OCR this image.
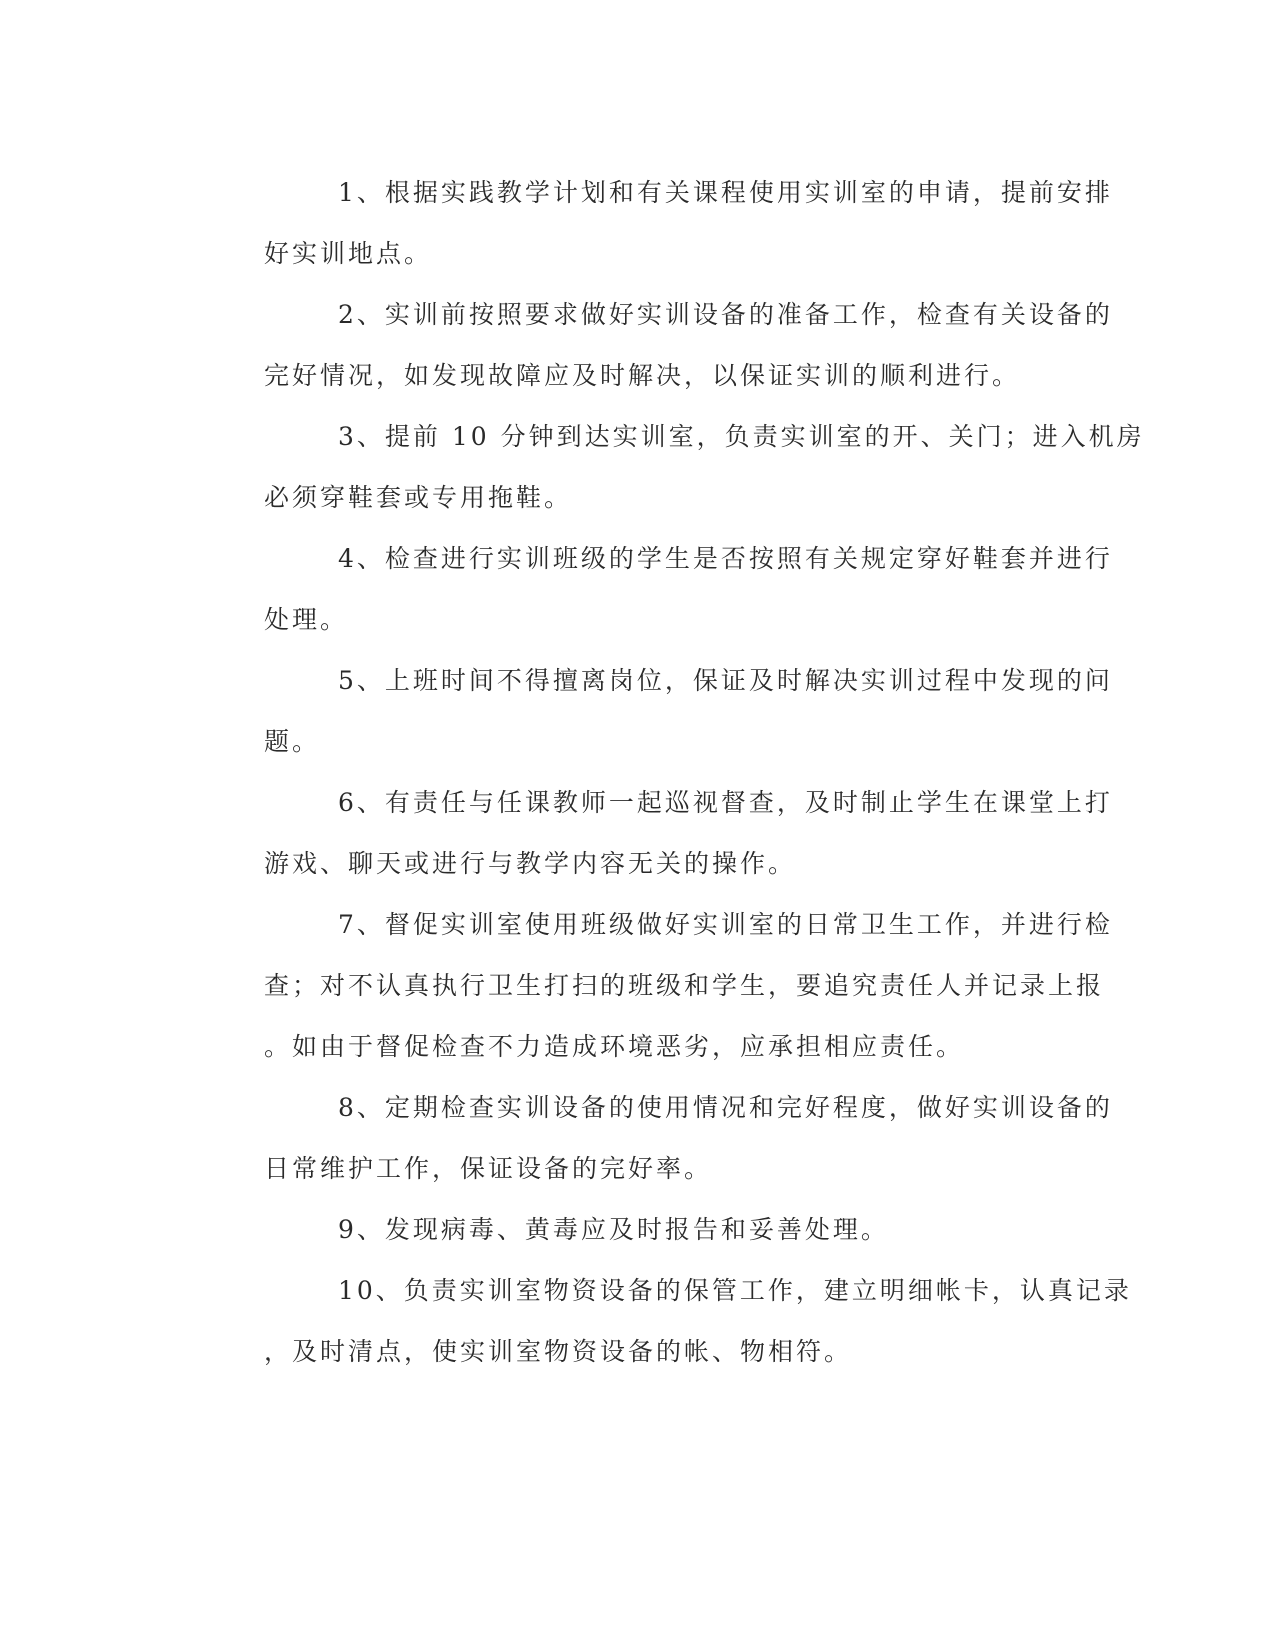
1、根据实践教学计划和有关课程使用实训室的申请，提前安排
好实训地点。
2、实训前按照要求做好实训设备的准备工作，检查有关设备的
完好情况，如发现故障应及时解决，以保证实训的顺利进行。
3、提前 10 分钟到达实训室，负责实训室的开、关门；进入机房
必须穿鞋套或专用拖鞋。
4、检查进行实训班级的学生是否按照有关规定穿好鞋套并进行
处理。
5、上班时间不得擅离岗位，保证及时解决实训过程中发现的问
题。
6、有责任与任课教师一起巡视督查，及时制止学生在课堂上打
游戏、聊天或进行与教学内容无关的操作。
7、督促实训室使用班级做好实训室的日常卫生工作，并进行检
查；对不认真执行卫生打扫的班级和学生，要追究责任人并记录上报
。如由于督促检查不力造成环境恶劣，应承担相应责任。
8、定期检查实训设备的使用情况和完好程度，做好实训设备的
日常维护工作，保证设备的完好率。
9、发现病毒、黄毒应及时报告和妥善处理。
10、负责实训室物资设备的保管工作，建立明细帐卡，认真记录
，及时清点，使实训室物资设备的帐、物相符。
